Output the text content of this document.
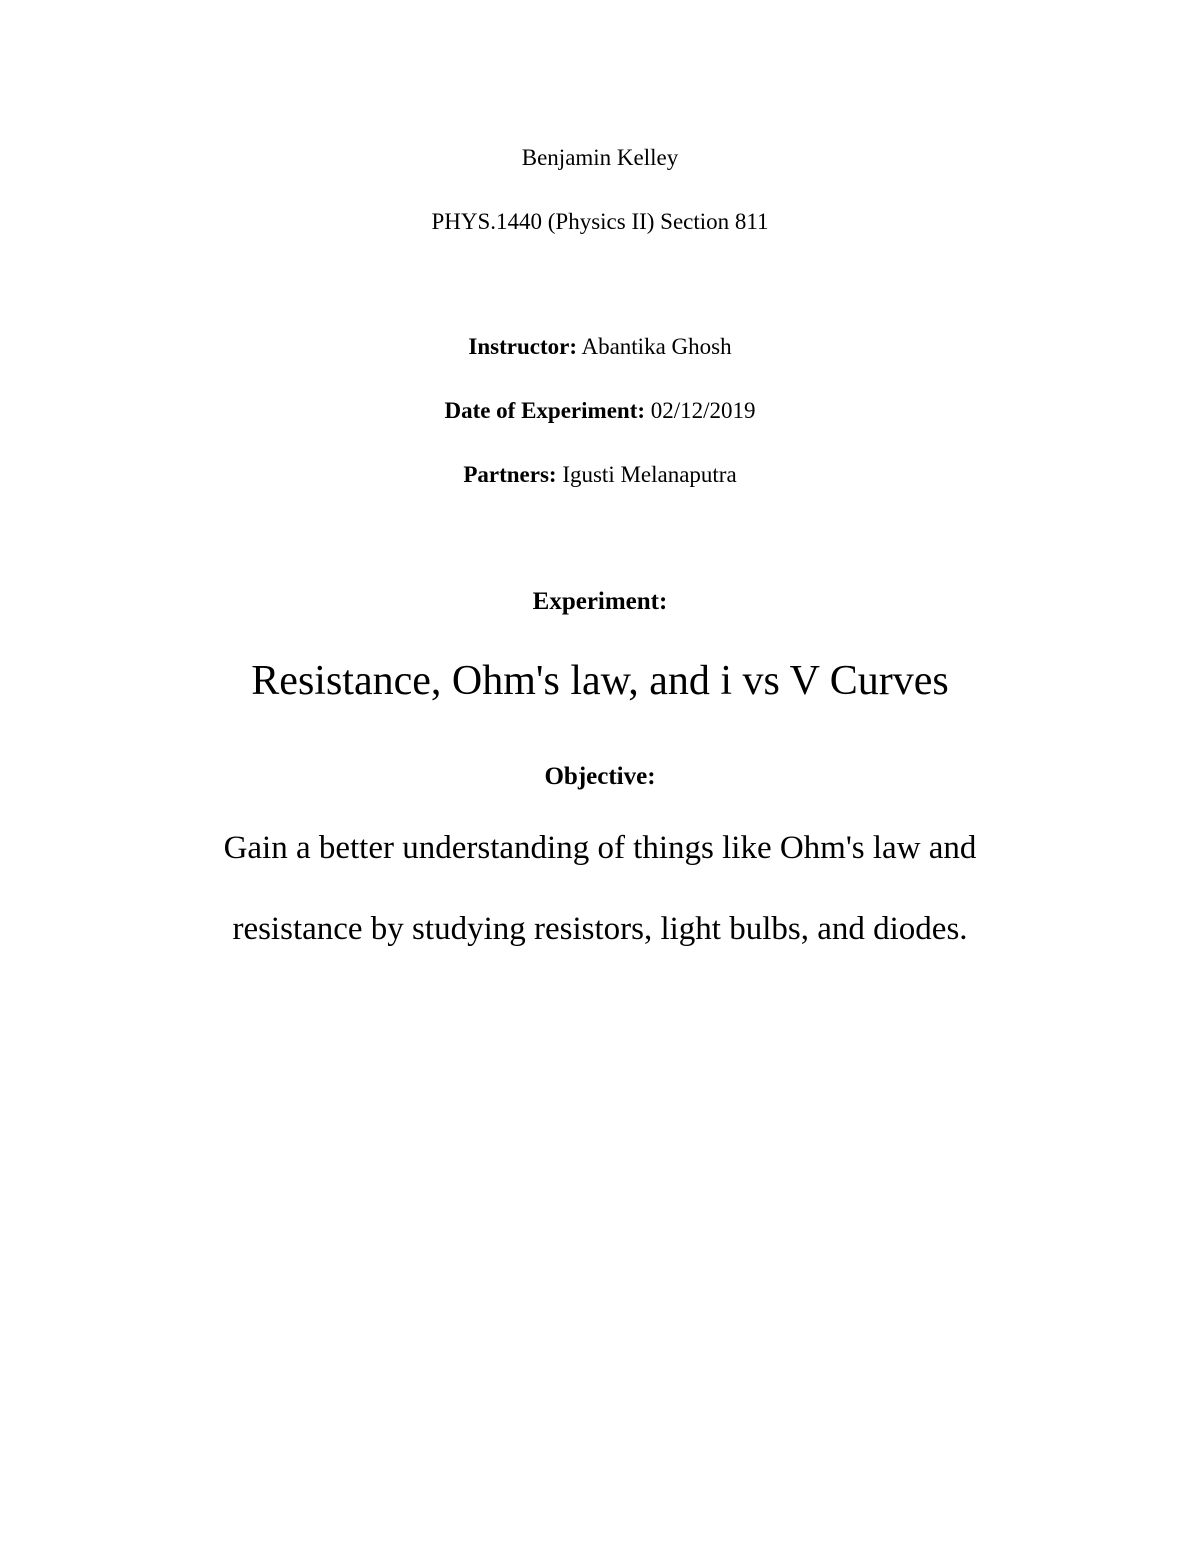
Benjamin Kelley
PHYS.1440 (Physics II) Section 811
Instructor: Abantika Ghosh
Date of Experiment: 02/12/2019
Partners: Igusti Melanaputra
Experiment:
Resistance, Ohm's law, and i vs V Curves
Objective:
Gain a better understanding of things like Ohm's law and
resistance by studying resistors, light bulbs, and diodes.
